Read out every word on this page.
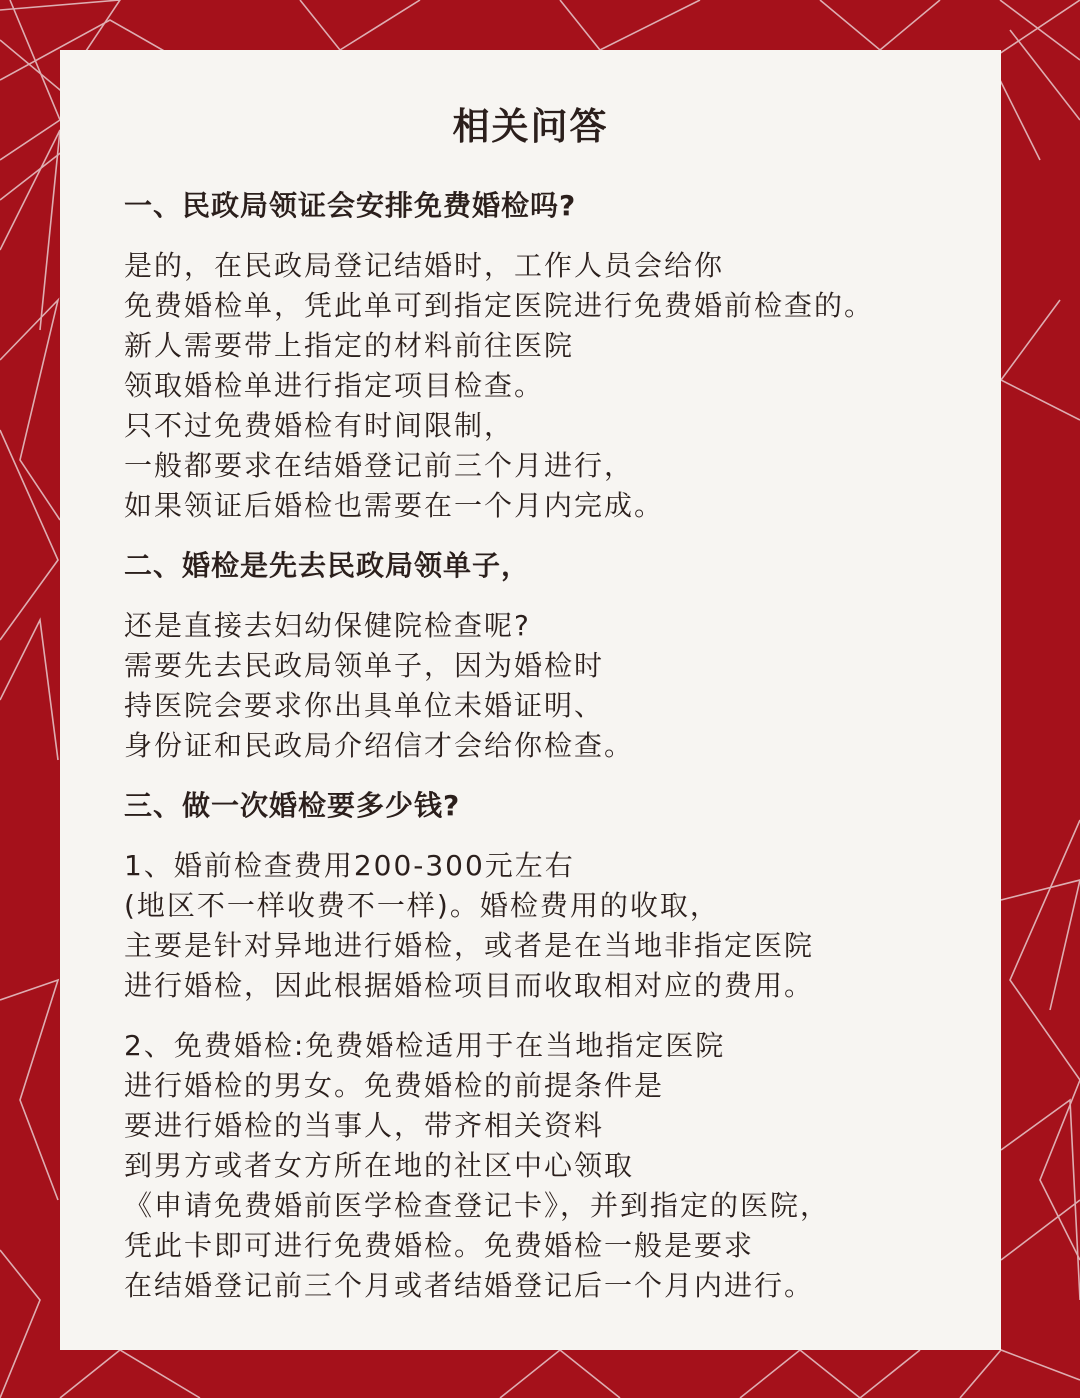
相关问答
一、民政局领证会安排免费婚检吗?
是的，在民政局登记结婚时，工作人员会给你
免费婚检单，凭此单可到指定医院进行免费婚前检查的。
新人需要带上指定的材料前往医院
领取婚检单进行指定项目检查。
只不过免费婚检有时间限制，
一般都要求在结婚登记前三个月进行，
如果领证后婚检也需要在一个月内完成。
二、婚检是先去民政局领单子，
还是直接去妇幼保健院检查呢?
需要先去民政局领单子，因为婚检时
持医院会要求你出具单位未婚证明、
身份证和民政局介绍信才会给你检查。
三、做一次婚检要多少钱?
1、婚前检查费用200-300元左右
(地区不一样收费不一样)。婚检费用的收取，
主要是针对异地进行婚检，或者是在当地非指定医院
进行婚检，因此根据婚检项目而收取相对应的费用。
2、免费婚检:免费婚检适用于在当地指定医院
进行婚检的男女。免费婚检的前提条件是
要进行婚检的当事人，带齐相关资料
到男方或者女方所在地的社区中心领取
《申请免费婚前医学检查登记卡》，并到指定的医院，
凭此卡即可进行免费婚检。免费婚检一般是要求
在结婚登记前三个月或者结婚登记后一个月内进行。
